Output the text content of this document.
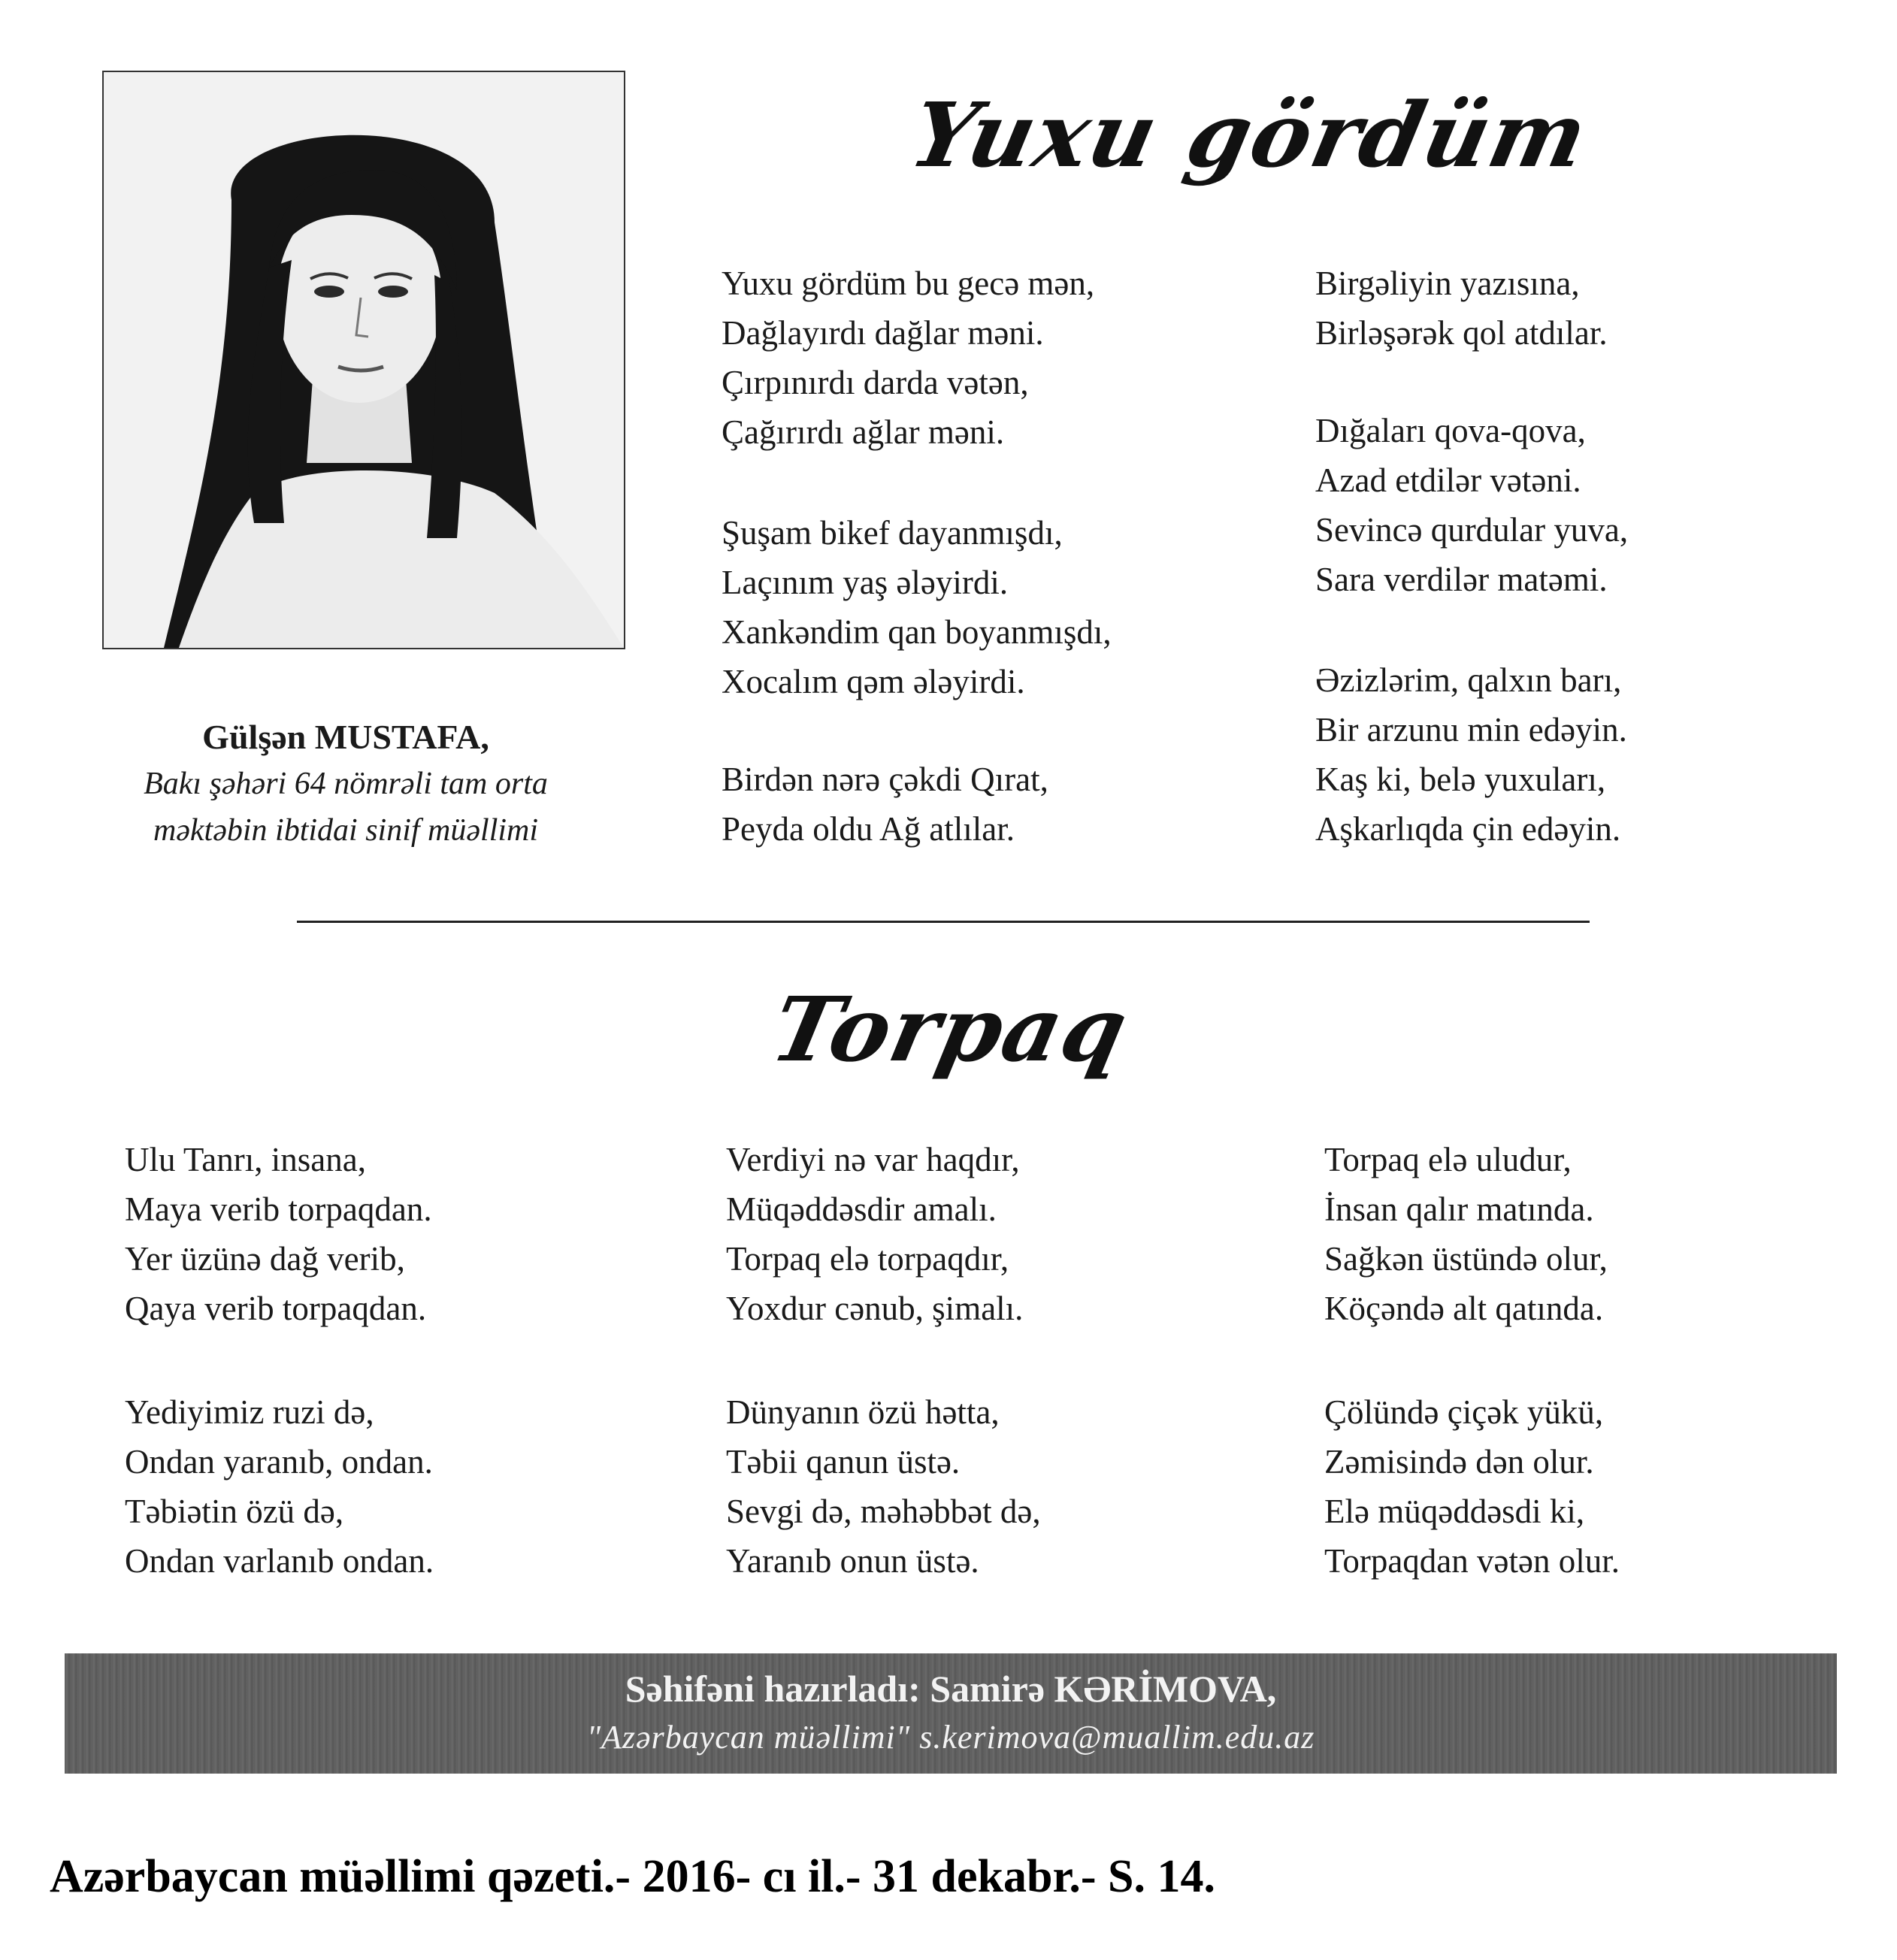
Gülşən MUSTAFA,
Bakı şəhəri 64 nömrəli tam orta
məktəbin ibtidai sinif müəllimi
Yuxu gördüm
Yuxu gördüm bu gecə mən,
Dağlayırdı dağlar məni.
Çırpınırdı darda vətən,
Çağırırdı ağlar məni.
Şuşam bikef dayanmışdı,
Laçınım yaş ələyirdi.
Xankəndim qan boyanmışdı,
Xocalım qəm ələyirdi.
Birdən nərə çəkdi Qırat,
Peyda oldu Ağ atlılar.
Birgəliyin yazısına,
Birləşərək qol atdılar.
Dığaları qova-qova,
Azad etdilər vətəni.
Sevincə qurdular yuva,
Sara verdilər matəmi.
Əzizlərim, qalxın barı,
Bir arzunu min edəyin.
Kaş ki, belə yuxuları,
Aşkarlıqda çin edəyin.
Torpaq
Ulu Tanrı, insana,
Maya verib torpaqdan.
Yer üzünə dağ verib,
Qaya verib torpaqdan.
Yediyimiz ruzi də,
Ondan yaranıb, ondan.
Təbiətin özü də,
Ondan varlanıb ondan.
Verdiyi nə var haqdır,
Müqəddəsdir amalı.
Torpaq elə torpaqdır,
Yoxdur cənub, şimalı.
Dünyanın özü hətta,
Təbii qanun üstə.
Sevgi də, məhəbbət də,
Yaranıb onun üstə.
Torpaq elə uludur,
İnsan qalır matında.
Sağkən üstündə olur,
Köçəndə alt qatında.
Çölündə çiçək yükü,
Zəmisində dən olur.
Elə müqəddəsdi ki,
Torpaqdan vətən olur.
Səhifəni hazırladı: Samirə KƏRİMOVA,
"Azərbaycan müəllimi" s.kerimova@muallim.edu.az
Azərbaycan müəllimi qəzeti.- 2016- cı il.- 31 dekabr.- S. 14.
